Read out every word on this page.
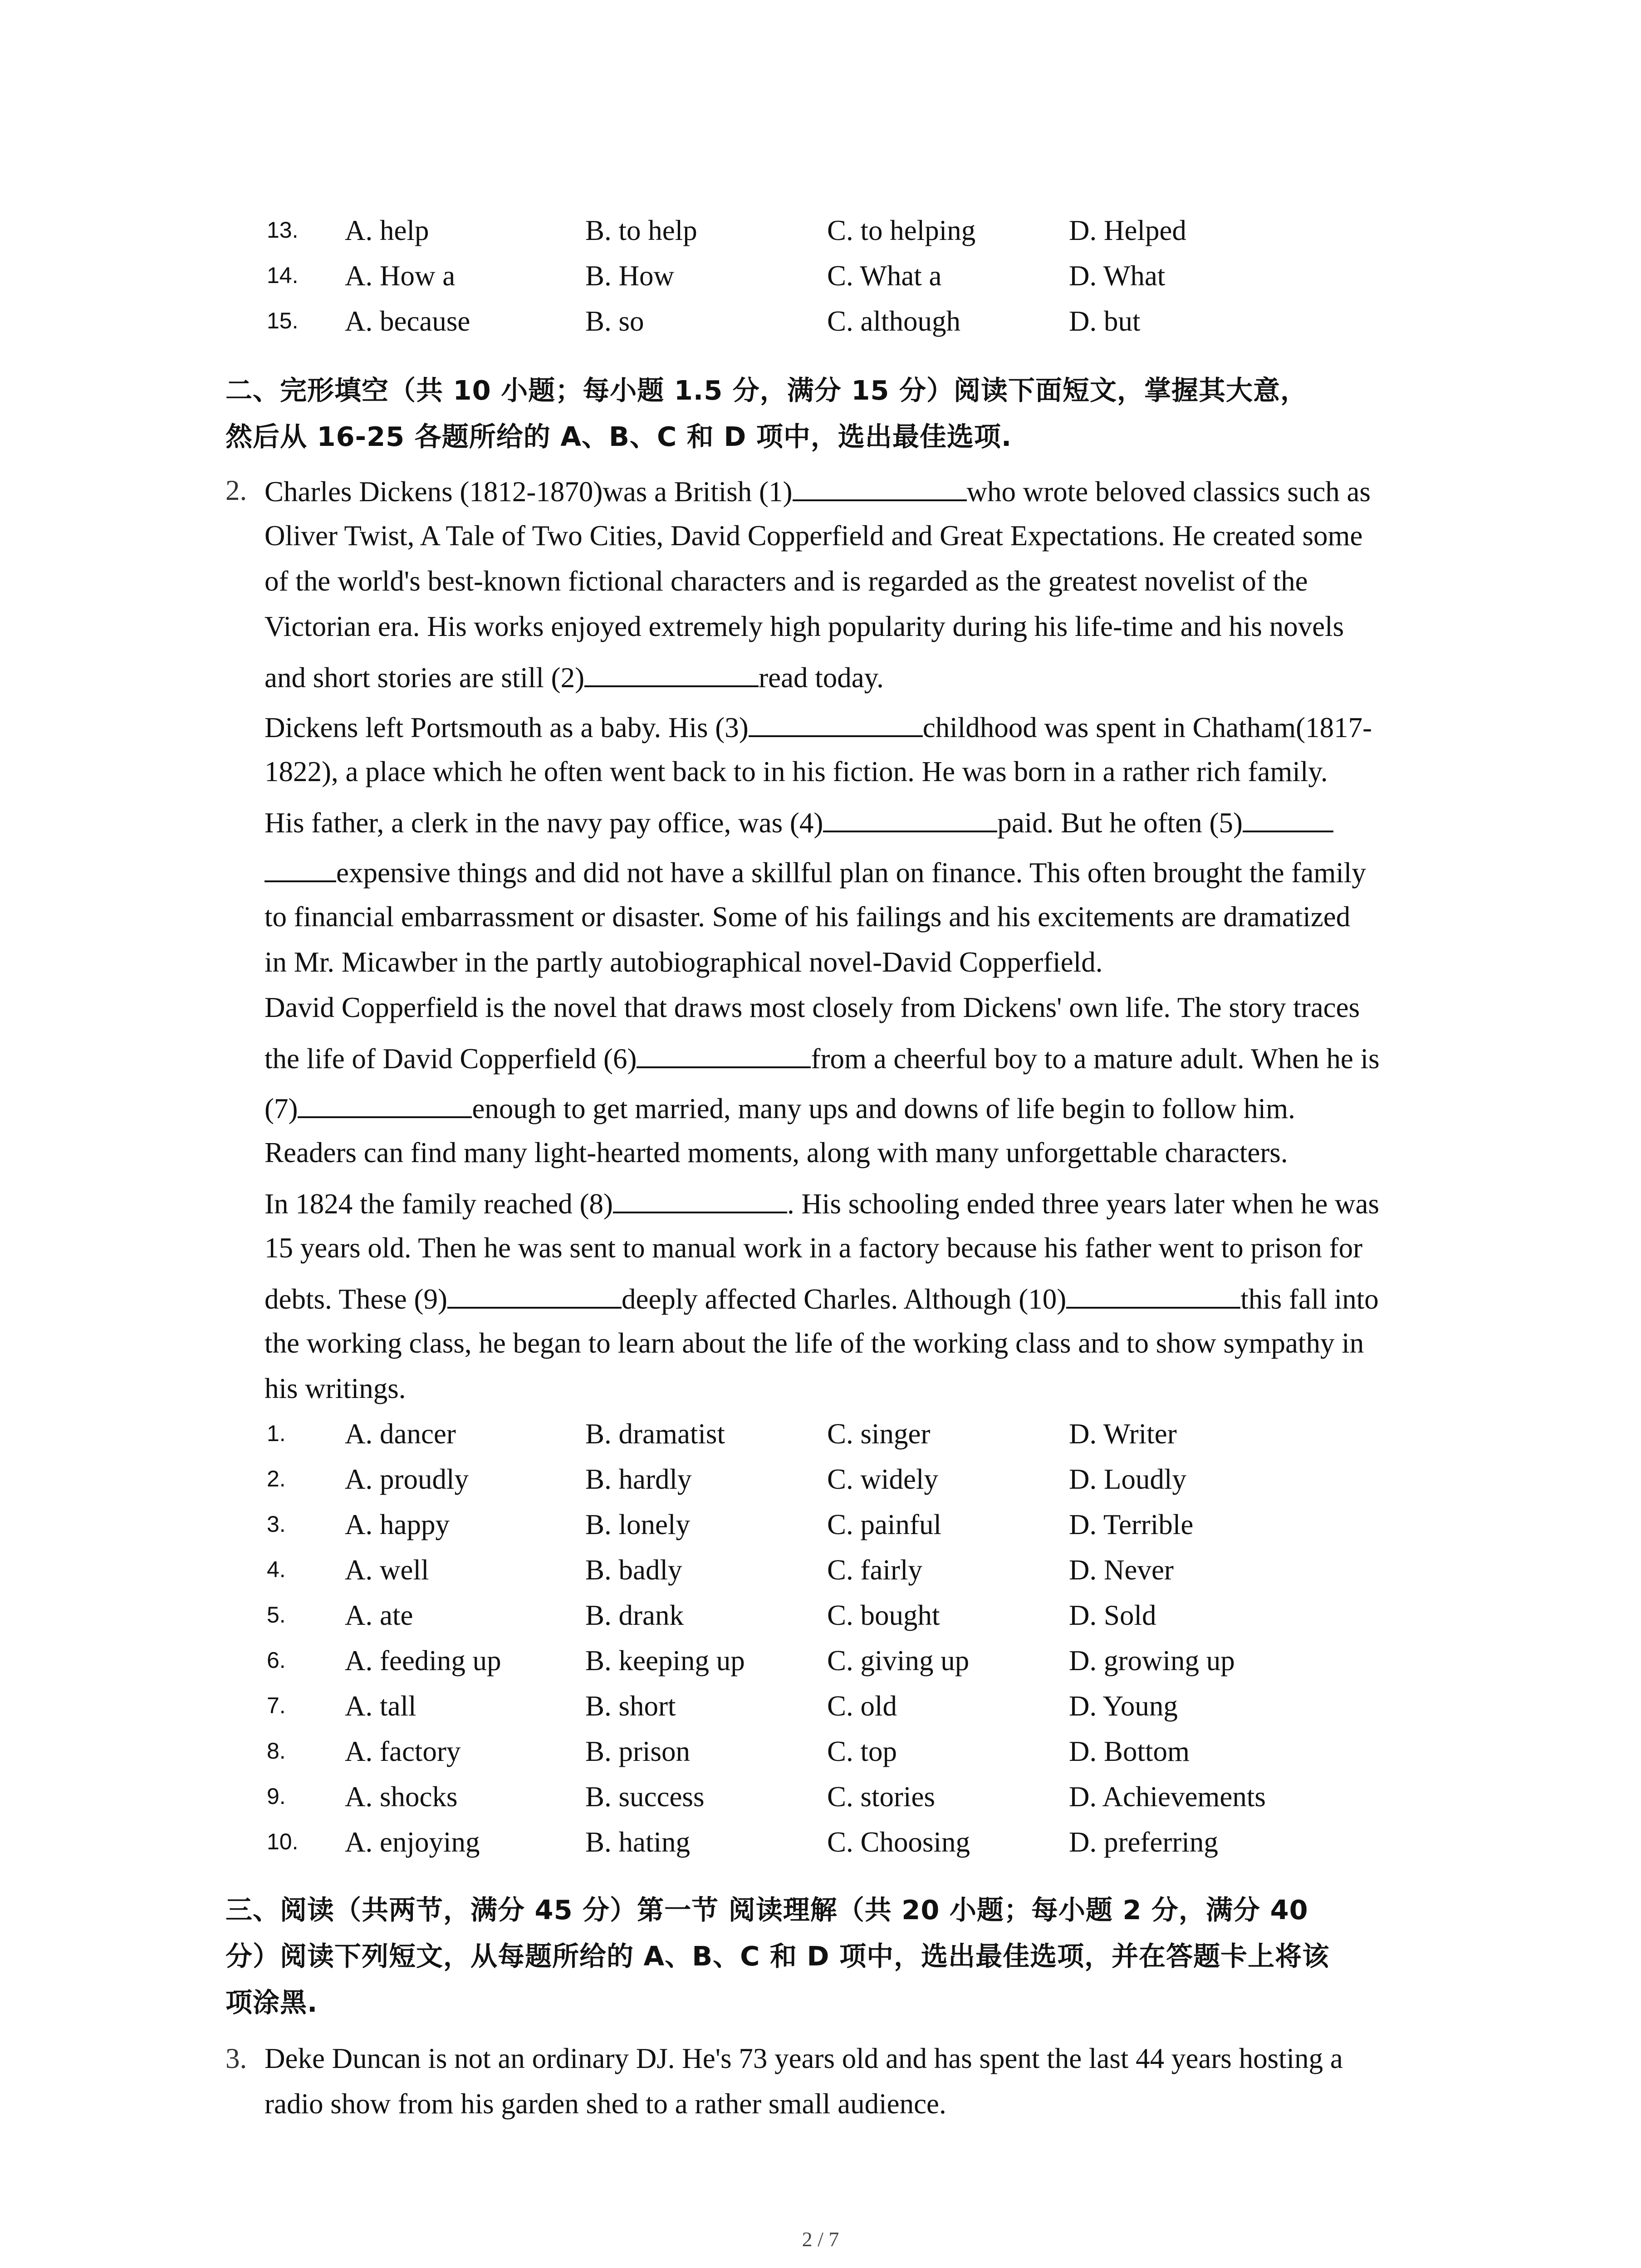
13. A. help	B. to help	C. to helping	D. Helped
14. A. How a	B. How	C. What a	D. What
15. A. because	B. so	C. although	D. but
二、完形填空（共 10 小题；每小题 1.5 分，满分 15 分）阅读下面短文，掌握其大意，
然后从 16-25 各题所给的 A、B、C 和 D 项中，选出最佳选项.
2. Charles Dickens (1812-1870)was a British (1)	who wrote beloved classics such as
Oliver Twist, A Tale of Two Cities, David Copperfield and Great Expectations. He created some
of the world's best-known fictional characters and is regarded as the greatest novelist of the
Victorian era. His works enjoyed extremely high popularity during his life-time and his novels
and short stories are still (2)	read today.
Dickens left Portsmouth as a baby. His (3)	childhood was spent in Chatham(1817-
1822), a place which he often went back to in his fiction. He was born in a rather rich family.
His father, a clerk in the navy pay office, was (4)	paid. But he often (5)
expensive things and did not have a skillful plan on finance. This often brought the family
to financial embarrassment or disaster. Some of his failings and his excitements are dramatized
in Mr. Micawber in the partly autobiographical novel-David Copperfield.
David Copperfield is the novel that draws most closely from Dickens' own life. The story traces
the life of David Copperfield (6)	from a cheerful boy to a mature adult. When he is
(7)	enough to get married, many ups and downs of life begin to follow him.
Readers can find many light-hearted moments, along with many unforgettable characters.
In 1824 the family reached (8)	. His schooling ended three years later when he was
15 years old. Then he was sent to manual work in a factory because his father went to prison for
debts. These (9)	deeply affected Charles. Although (10)	this fall into
the working class, he began to learn about the life of the working class and to show sympathy in
his writings.
1. A. dancer	B. dramatist	C. singer	D. Writer
2. A. proudly	B. hardly	C. widely	D. Loudly
3. A. happy	B. lonely	C. painful	D. Terrible
4. A. well	B. badly	C. fairly	D. Never
5. A. ate	B. drank	C. bought	D. Sold
6. A. feeding up	B. keeping up	C. giving up	D. growing up
7. A. tall	B. short	C. old	D. Young
8. A. factory	B. prison	C. top	D. Bottom
9. A. shocks	B. success	C. stories	D. Achievements
10. A. enjoying	B. hating	C. Choosing	D. preferring
三、阅读（共两节，满分 45 分）第一节 阅读理解（共 20 小题；每小题 2 分，满分 40
分）阅读下列短文，从每题所给的 A、B、C 和 D 项中，选出最佳选项，并在答题卡上将该
项涂黑.
3. Deke Duncan is not an ordinary DJ. He's 73 years old and has spent the last 44 years hosting a
radio show from his garden shed to a rather small audience.
2 / 7
